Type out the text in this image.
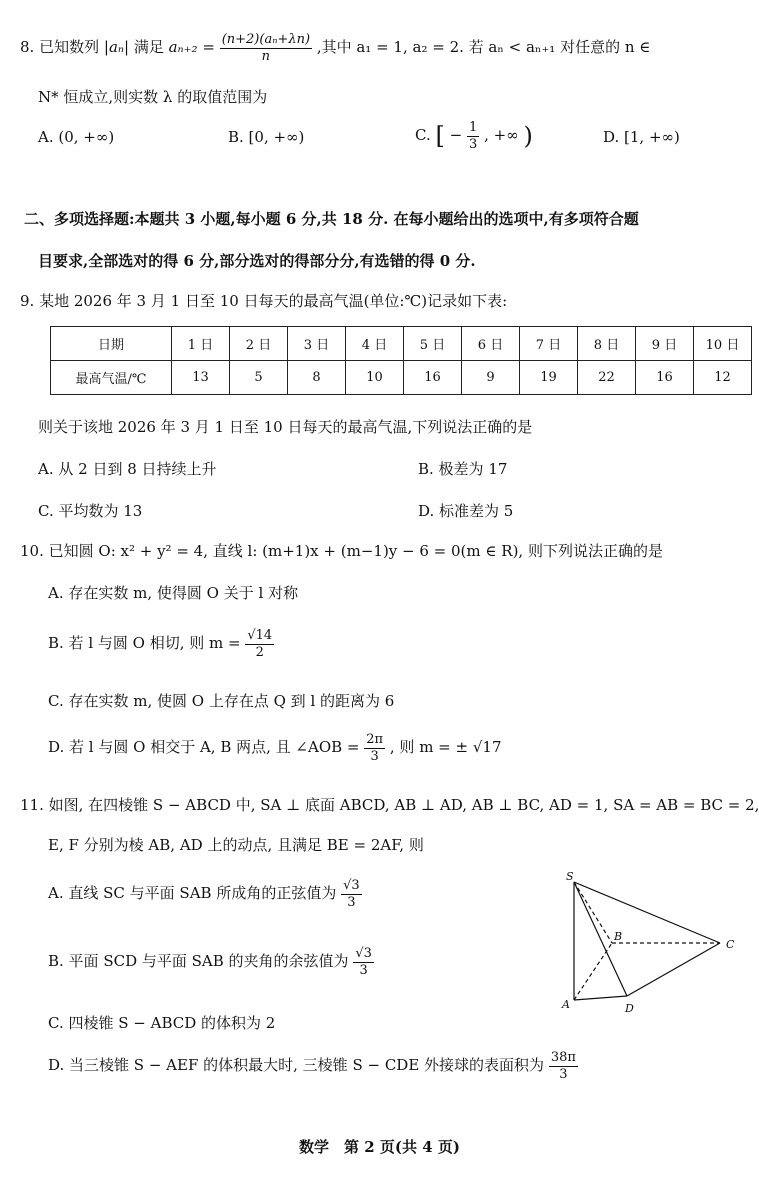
8. 已知数列 |aₙ| 满足 $a_{n+2} = \frac{\text{(n+2)(aₙ+λn)}}{n}$ ,其中 a₁ = 1, a₂ = 2. 若 aₙ < aₙ₊₁ 对任意的 n ∈
N* 恒成立,则实数 λ 的取值范围为
A. (0, +∞)	B. [0, +∞)	C. [ − $\frac{1}{3}$ , +∞ )	D. [1, +∞)
二、多项选择题:本题共 3 小题,每小题 6 分,共 18 分. 在每小题给出的选项中,有多项符合题
目要求,全部选对的得 6 分,部分选对的得部分分,有选错的得 0 分.
9. 某地 2026 年 3 月 1 日至 10 日每天的最高气温(单位:℃)记录如下表:
日期	1 日	2 日	3 日	4 日	5 日	6 日	7 日	8 日	9 日	10 日
最高气温/℃	13	5	8	10	16	9	19	22	16	12
则关于该地 2026 年 3 月 1 日至 10 日每天的最高气温,下列说法正确的是
A. 从 2 日到 8 日持续上升	B. 极差为 17
C. 平均数为 13	D. 标准差为 5
10. 已知圆 O: x² + y² = 4, 直线 l: (m+1)x + (m−1)y − 6 = 0(m ∈ R), 则下列说法正确的是
A. 存在实数 m, 使得圆 O 关于 l 对称
B. 若 l 与圆 O 相切, 则 $m = \frac{√14}{2}$
C. 存在实数 m, 使圆 O 上存在点 Q 到 l 的距离为 6
D. 若 l 与圆 O 相交于 A, B 两点, 且 ∠AOB = $\frac{2\pi}{3}$ , 则 m = ± √17
11. 如图, 在四棱锥 S − ABCD 中, SA ⊥ 底面 ABCD, AB ⊥ AD, AB ⊥ BC, AD = 1, SA = AB = BC = 2,
E, F 分别为棱 AB, AD 上的动点, 且满足 BE = 2AF, 则
A. 直线 SC 与平面 SAB 所成角的正弦值为 $\frac{√3}{3}$
B. 平面 SCD 与平面 SAB 的夹角的余弦值为 $\frac{√3}{3}$
C. 四棱锥 S − ABCD 的体积为 2
D. 当三棱锥 S − AEF 的体积最大时, 三棱锥 S − CDE 外接球的表面积为 $\frac{38\pi}{3}$
S
B
C
A	D
数学　第 2 页(共 4 页)
